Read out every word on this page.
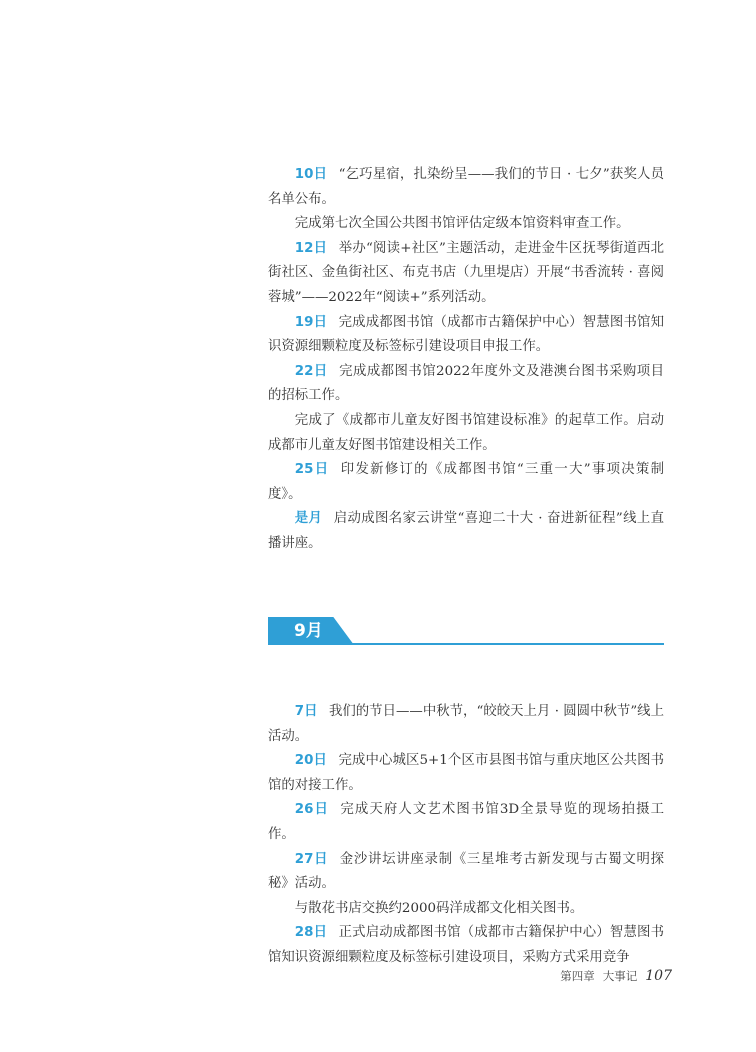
10日 “乞巧星宿，扎染纷呈——我们的节日 · 七夕”获奖人员名单公布。

完成第七次全国公共图书馆评估定级本馆资料审查工作。

12日 举办“阅读+社区”主题活动，走进金牛区抚琴街道西北街社区、金鱼街社区、布克书店（九里堤店）开展“书香流转 · 喜阅蓉城”——2022年“阅读+”系列活动。

19日 完成成都图书馆（成都市古籍保护中心）智慧图书馆知识资源细颗粒度及标签标引建设项目申报工作。

22日 完成成都图书馆2022年度外文及港澳台图书采购项目的招标工作。

完成了《成都市儿童友好图书馆建设标准》的起草工作。启动成都市儿童友好图书馆建设相关工作。

25日 印发新修订的《成都图书馆“三重一大”事项决策制度》。

是月 启动成图名家云讲堂“喜迎二十大 · 奋进新征程”线上直播讲座。

9月

7日 我们的节日——中秋节，“皎皎天上月 · 圆圆中秋节”线上活动。

20日 完成中心城区5+1个区市县图书馆与重庆地区公共图书馆的对接工作。

26日 完成天府人文艺术图书馆3D全景导览的现场拍摄工作。

27日 金沙讲坛讲座录制《三星堆考古新发现与古蜀文明探秘》活动。

与散花书店交换约2000码洋成都文化相关图书。

28日 正式启动成都图书馆（成都市古籍保护中心）智慧图书馆知识资源细颗粒度及标签标引建设项目，采购方式采用竞争

第四章 大事记 107
